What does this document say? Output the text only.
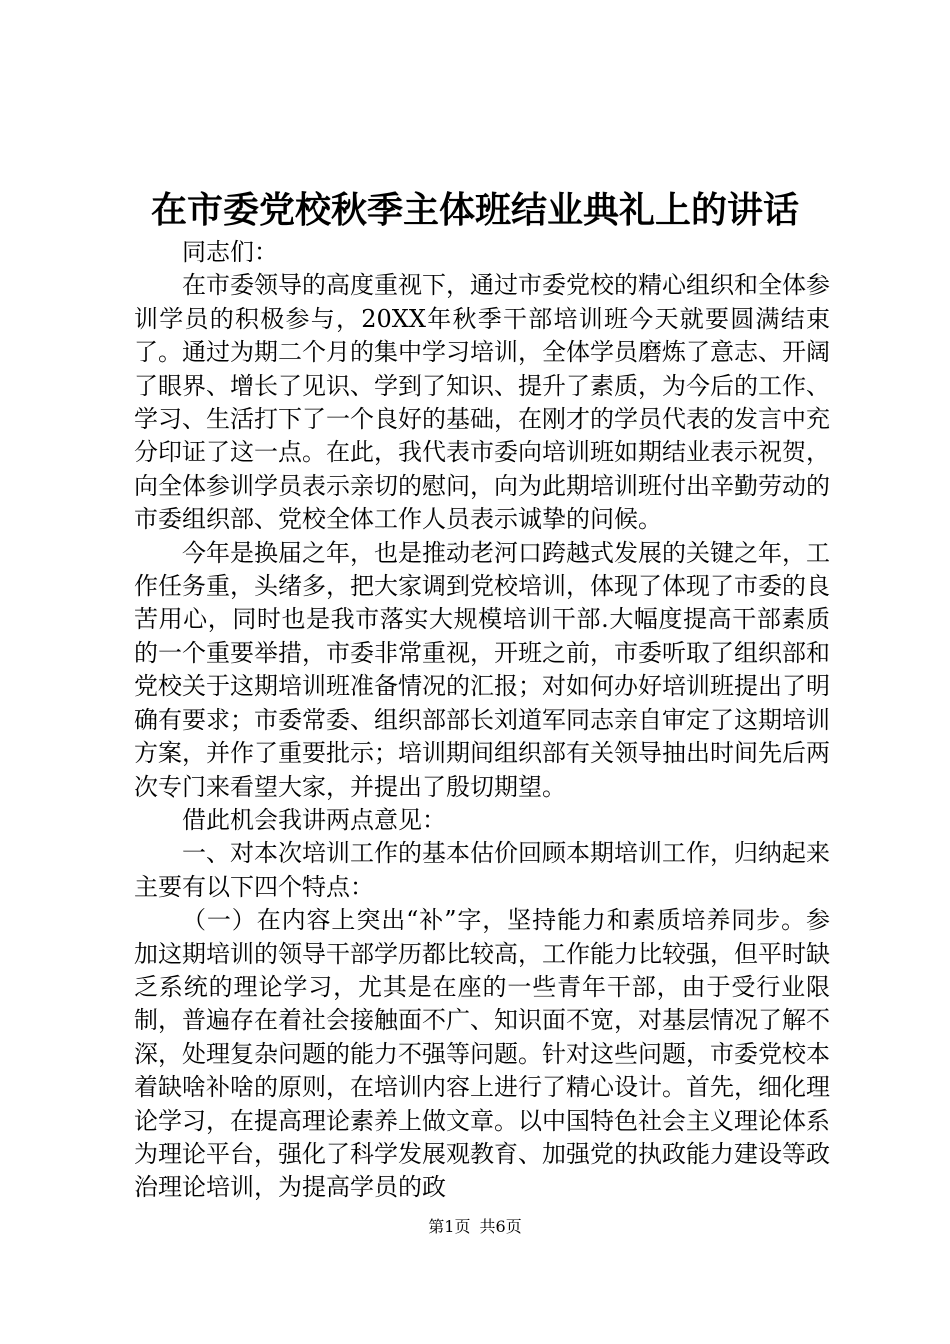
在市委党校秋季主体班结业典礼上的讲话

同志们：

在市委领导的高度重视下，通过市委党校的精心组织和全体参训学员的积极参与，20XX年秋季干部培训班今天就要圆满结束了。通过为期二个月的集中学习培训，全体学员磨炼了意志、开阔了眼界、增长了见识、学到了知识、提升了素质，为今后的工作、学习、生活打下了一个良好的基础，在刚才的学员代表的发言中充分印证了这一点。在此，我代表市委向培训班如期结业表示祝贺，向全体参训学员表示亲切的慰问，向为此期培训班付出辛勤劳动的市委组织部、党校全体工作人员表示诚挚的问候。

今年是换届之年，也是推动老河口跨越式发展的关键之年，工作任务重，头绪多，把大家调到党校培训，体现了体现了市委的良苦用心，同时也是我市落实大规模培训干部.大幅度提高干部素质的一个重要举措，市委非常重视，开班之前，市委听取了组织部和党校关于这期培训班准备情况的汇报；对如何办好培训班提出了明确有要求；市委常委、组织部部长刘道军同志亲自审定了这期培训方案，并作了重要批示；培训期间组织部有关领导抽出时间先后两次专门来看望大家，并提出了殷切期望。

借此机会我讲两点意见：

一、对本次培训工作的基本估价回顾本期培训工作，归纳起来主要有以下四个特点：

（一）在内容上突出“补”字，坚持能力和素质培养同步。参加这期培训的领导干部学历都比较高，工作能力比较强，但平时缺乏系统的理论学习，尤其是在座的一些青年干部，由于受行业限制，普遍存在着社会接触面不广、知识面不宽，对基层情况了解不深，处理复杂问题的能力不强等问题。针对这些问题，市委党校本着缺啥补啥的原则，在培训内容上进行了精心设计。首先，细化理论学习，在提高理论素养上做文章。以中国特色社会主义理论体系为理论平台，强化了科学发展观教育、加强党的执政能力建设等政治理论培训，为提高学员的政

第1页 共6页
